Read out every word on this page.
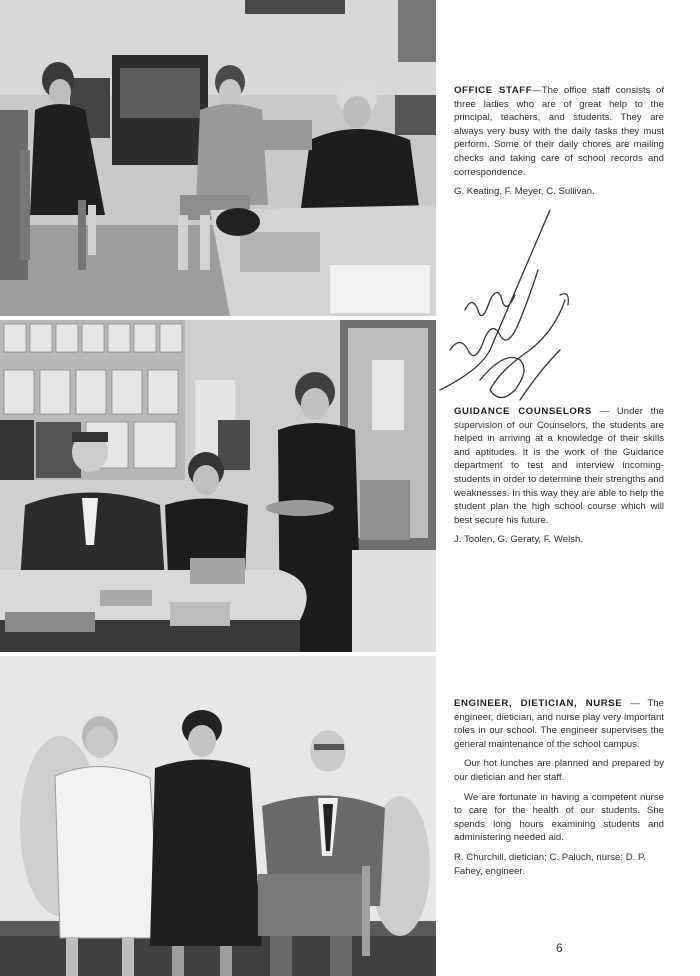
OFFICE STAFF—The office staff consists of three ladies who are of great help to the principal, teachers, and students. They are always very busy with the daily tasks they must perform. Some of their daily chores are mailing checks and taking care of school records and correspondence.

G. Keating, F. Meyer, C. Sullivan.

GUIDANCE COUNSELORS — Under the supervision of our Counselors, the students are helped in arriving at a knowledge of their skills and aptitudes. It is the work of the Guidance department to test and interview incoming-students in order to determine their strengths and weaknesses. In this way they are able to help the student plan the high school course which will best secure his future.

J. Toolen, G. Geraty, F. Welsh.

ENGINEER, DIETICIAN, NURSE — The engineer, dietician, and nurse play very important roles in our school. The engineer supervises the general maintenance of the school campus.

Our hot lunches are planned and prepared by our dietician and her staff.

We are fortunate in having a competent nurse to care for the health of our students. She spends long hours examining students and administering needed aid.

R. Churchill, dietician; C. Paluch, nurse; D. P. Fahey, engineer.

6
